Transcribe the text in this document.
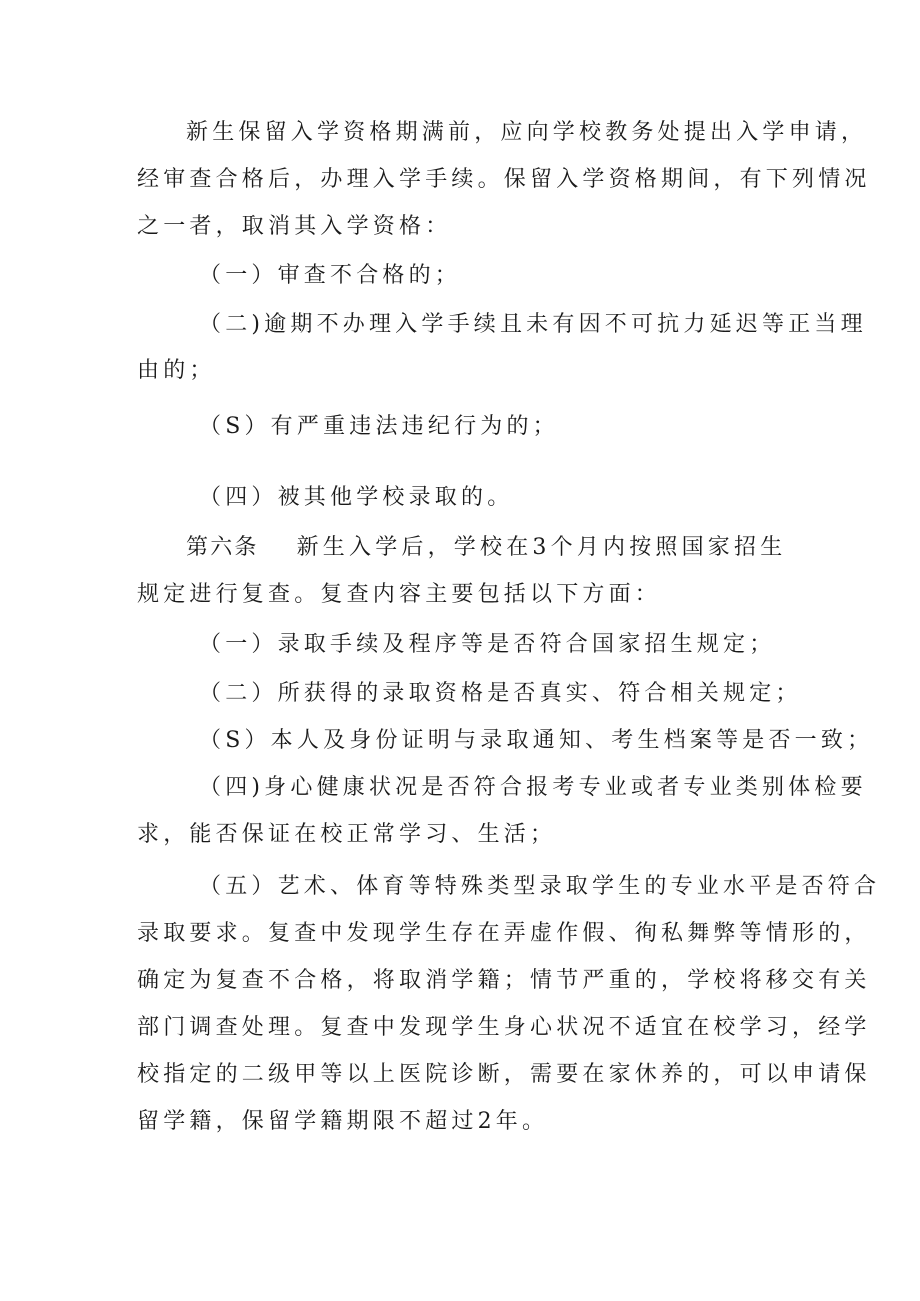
新生保留入学资格期满前，应向学校教务处提出入学申请，
经审查合格后，办理入学手续。保留入学资格期间，有下列情况
之一者，取消其入学资格：
（一）审查不合格的；
（二)逾期不办理入学手续且未有因不可抗力延迟等正当理
由的；
（S）有严重违法违纪行为的；
（四）被其他学校录取的。
第六条 新生入学后，学校在3个月内按照国家招生
规定进行复查。复查内容主要包括以下方面：
（一）录取手续及程序等是否符合国家招生规定；
（二）所获得的录取资格是否真实、符合相关规定；
（S）本人及身份证明与录取通知、考生档案等是否一致；
（四)身心健康状况是否符合报考专业或者专业类别体检要
求，能否保证在校正常学习、生活；
（五）艺术、体育等特殊类型录取学生的专业水平是否符合
录取要求。复查中发现学生存在弄虚作假、徇私舞弊等情形的，
确定为复查不合格，将取消学籍；情节严重的，学校将移交有关
部门调查处理。复查中发现学生身心状况不适宜在校学习，经学
校指定的二级甲等以上医院诊断，需要在家休养的，可以申请保
留学籍，保留学籍期限不超过2年。
